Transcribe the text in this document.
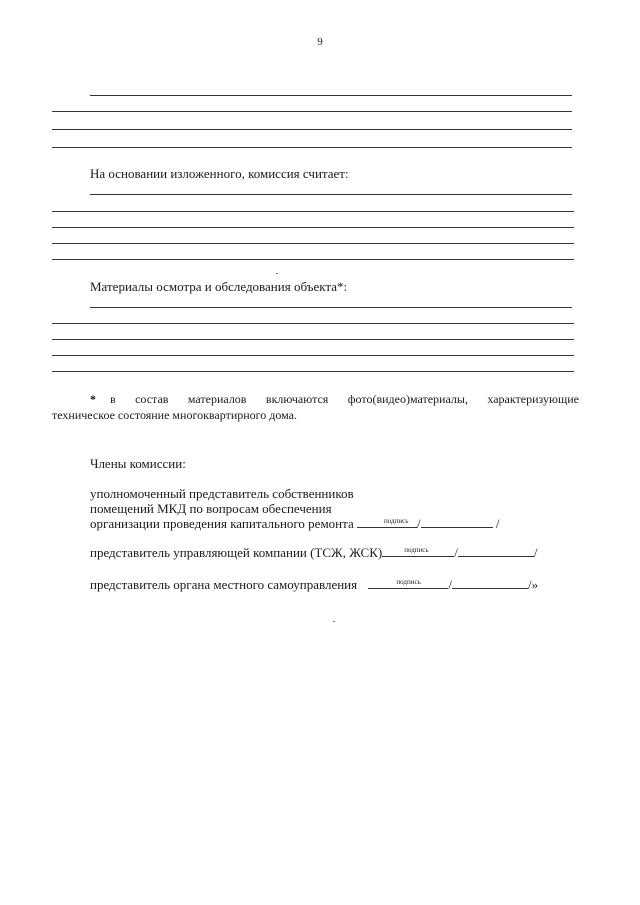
9
На основании изложенного, комиссия считает:
Материалы осмотра и обследования объекта*:
* в состав материалов включаются фото(видео)материалы, характеризующие
техническое состояние многоквартирного дома.
Члены комиссии:
уполномоченный представитель собственников
помещений МКД по вопросам обеспечения
организации проведения капитального ремонта	подпись /	/
представитель управляющей компании (ТСЖ, ЖСК)	подпись /	/
представитель органа местного самоуправления	подпись /	/»
